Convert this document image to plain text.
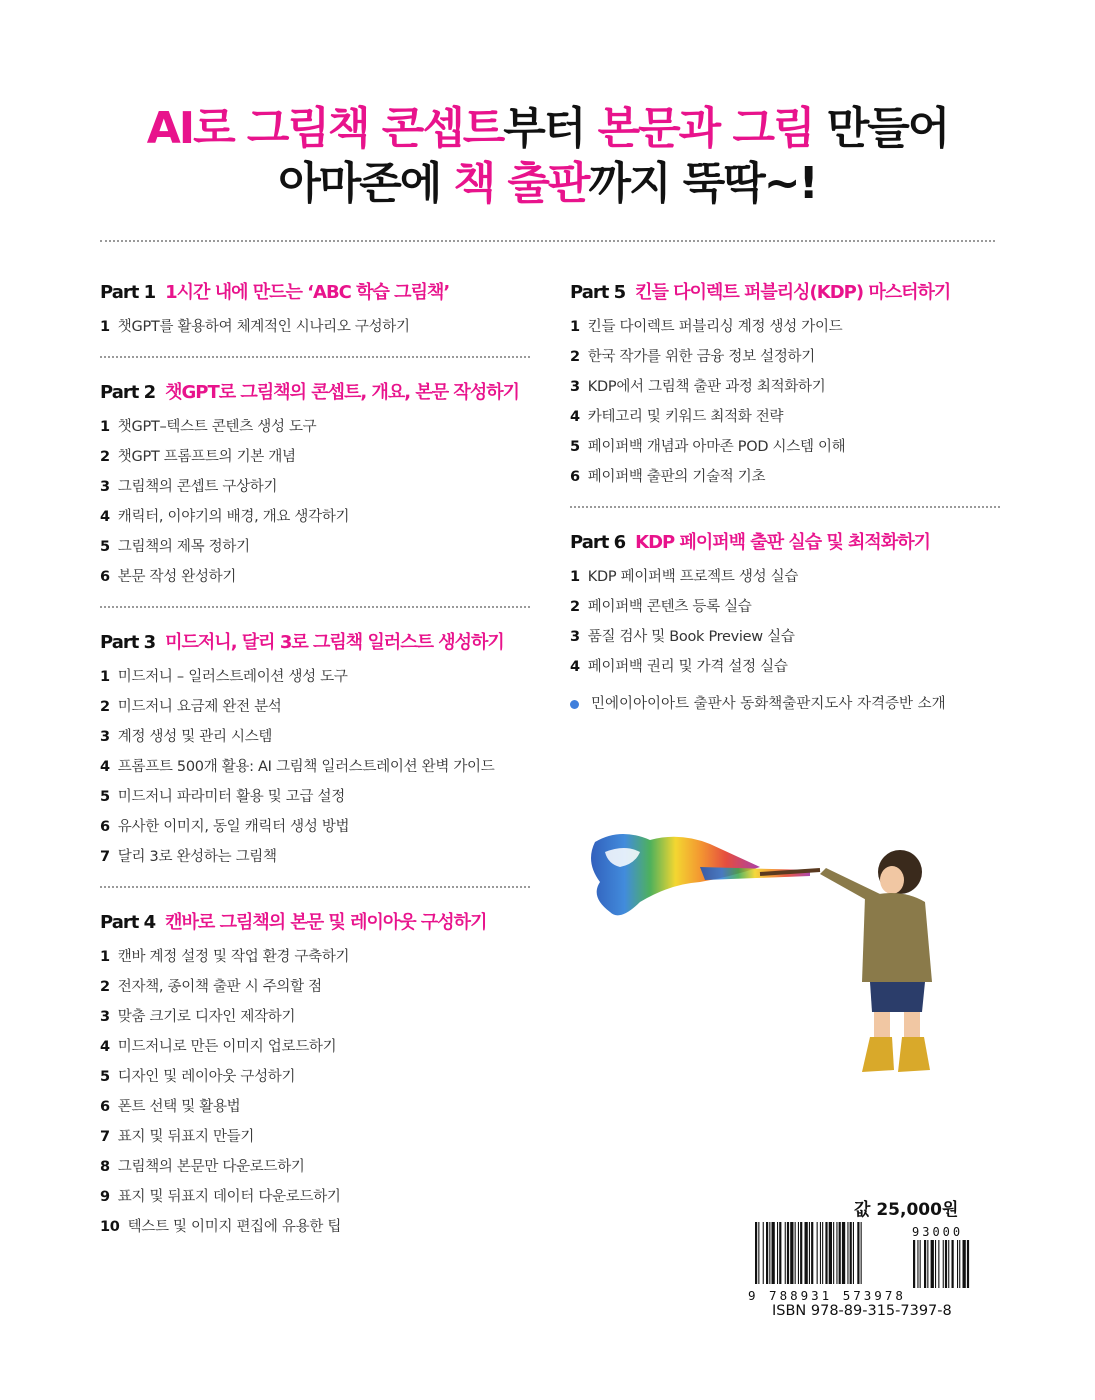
AI로 그림책 콘셉트부터 본문과 그림 만들어
아마존에 책 출판까지 뚝딱~!
Part 1 1시간 내에 만드는 ‘ABC 학습 그림책’
1 챗GPT를 활용하여 체계적인 시나리오 구성하기
Part 2 챗GPT로 그림책의 콘셉트, 개요, 본문 작성하기
1 챗GPT–텍스트 콘텐츠 생성 도구
2 챗GPT 프롬프트의 기본 개념
3 그림책의 콘셉트 구상하기
4 캐릭터, 이야기의 배경, 개요 생각하기
5 그림책의 제목 정하기
6 본문 작성 완성하기
Part 3 미드저니, 달리 3로 그림책 일러스트 생성하기
1 미드저니 – 일러스트레이션 생성 도구
2 미드저니 요금제 완전 분석
3 계정 생성 및 관리 시스템
4 프롬프트 500개 활용: AI 그림책 일러스트레이션 완벽 가이드
5 미드저니 파라미터 활용 및 고급 설정
6 유사한 이미지, 동일 캐릭터 생성 방법
7 달리 3로 완성하는 그림책
Part 4 캔바로 그림책의 본문 및 레이아웃 구성하기
1 캔바 계정 설정 및 작업 환경 구축하기
2 전자책, 종이책 출판 시 주의할 점
3 맞춤 크기로 디자인 제작하기
4 미드저니로 만든 이미지 업로드하기
5 디자인 및 레이아웃 구성하기
6 폰트 선택 및 활용법
7 표지 및 뒤표지 만들기
8 그림책의 본문만 다운로드하기
9 표지 및 뒤표지 데이터 다운로드하기
10 텍스트 및 이미지 편집에 유용한 팁
Part 5 킨들 다이렉트 퍼블리싱(KDP) 마스터하기
1 킨들 다이렉트 퍼블리싱 계정 생성 가이드
2 한국 작가를 위한 금융 정보 설정하기
3 KDP에서 그림책 출판 과정 최적화하기
4 카테고리 및 키워드 최적화 전략
5 페이퍼백 개념과 아마존 POD 시스템 이해
6 페이퍼백 출판의 기술적 기초
Part 6 KDP 페이퍼백 출판 실습 및 최적화하기
1 KDP 페이퍼백 프로젝트 생성 실습
2 페이퍼백 콘텐츠 등록 실습
3 품질 검사 및 Book Preview 실습
4 페이퍼백 권리 및 가격 설정 실습
민에이아이아트 출판사 동화책출판지도사 자격증반 소개
값 25,000원
93000
9 788931 573978
ISBN 978-89-315-7397-8
